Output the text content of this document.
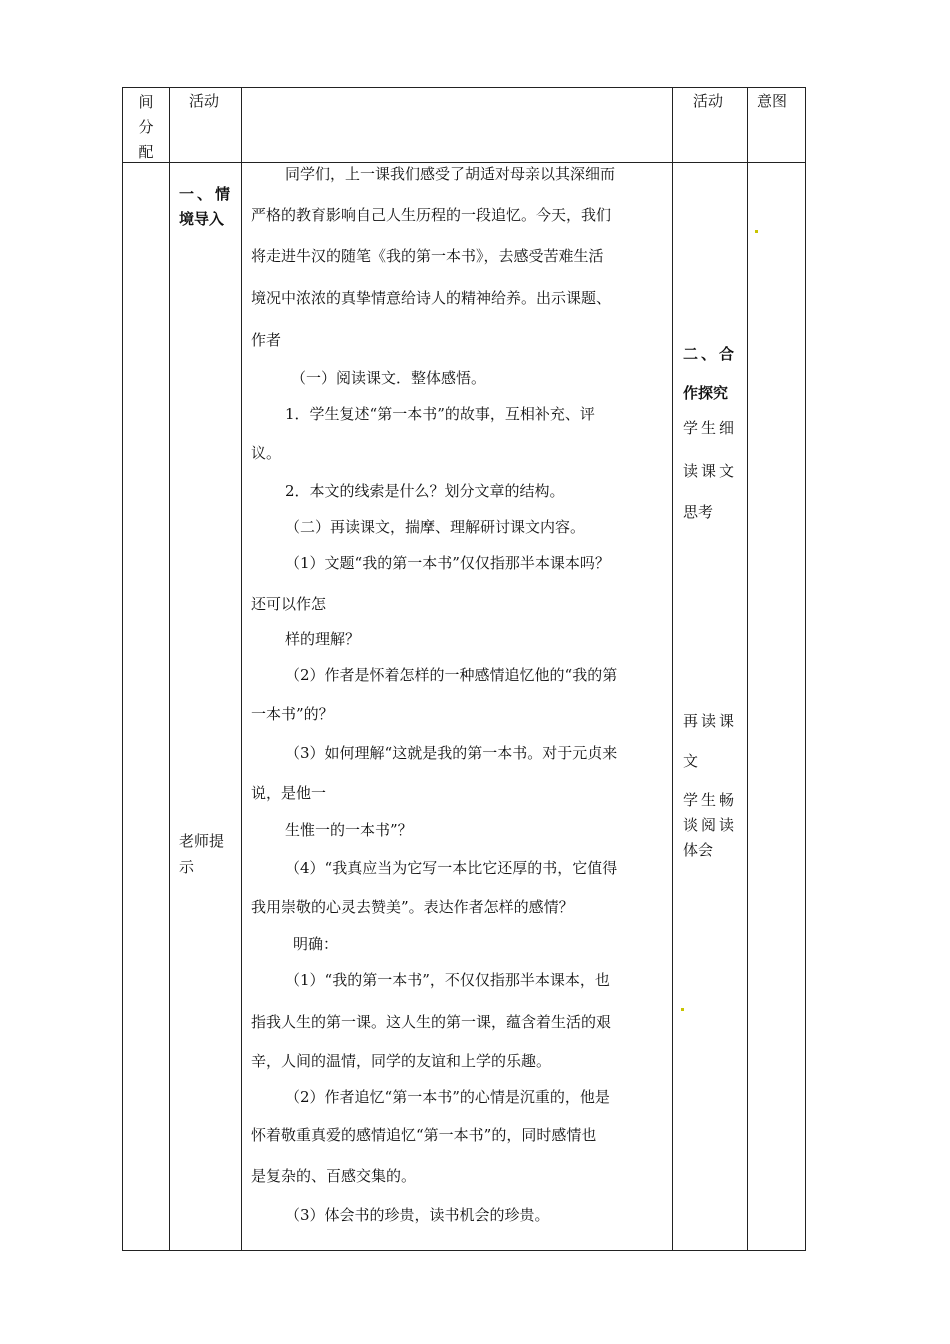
间
分
配
活动	活动 意图
一、情
境导入
老师提
示
同学们，上一课我们感受了胡适对母亲以其深细而
严格的教育影响自己人生历程的一段追忆。今天，我们
将走进牛汉的随笔《我的第一本书》，去感受苦难生活
境况中浓浓的真挚情意给诗人的精神给养。出示课题、
作者
（一）阅读课文．整体感悟。
1．学生复述“第一本书”的故事，互相补充、评
议。
2．本文的线索是什么？划分文章的结构。
（二）再读课文，揣摩、理解研讨课文内容。
（1）文题“我的第一本书”仅仅指那半本课本吗？
还可以作怎
样的理解？
（2）作者是怀着怎样的一种感情追忆他的“我的第
一本书”的？
（3）如何理解“这就是我的第一本书。对于元贞来
说，是他一
生惟一的一本书”？
（4）“我真应当为它写一本比它还厚的书，它值得
我用崇敬的心灵去赞美”。表达作者怎样的感情？
明确：
（1）“我的第一本书”，不仅仅指那半本课本，也
指我人生的第一课。这人生的第一课，蕴含着生活的艰
辛，人间的温情，同学的友谊和上学的乐趣。
（2）作者追忆“第一本书”的心情是沉重的，他是
怀着敬重真爱的感情追忆“第一本书”的，同时感情也
是复杂的、百感交集的。
（3）体会书的珍贵，读书机会的珍贵。
二、合
作探究
学生细
读课文
思考
再读课
文
学生畅
谈阅读
体会
